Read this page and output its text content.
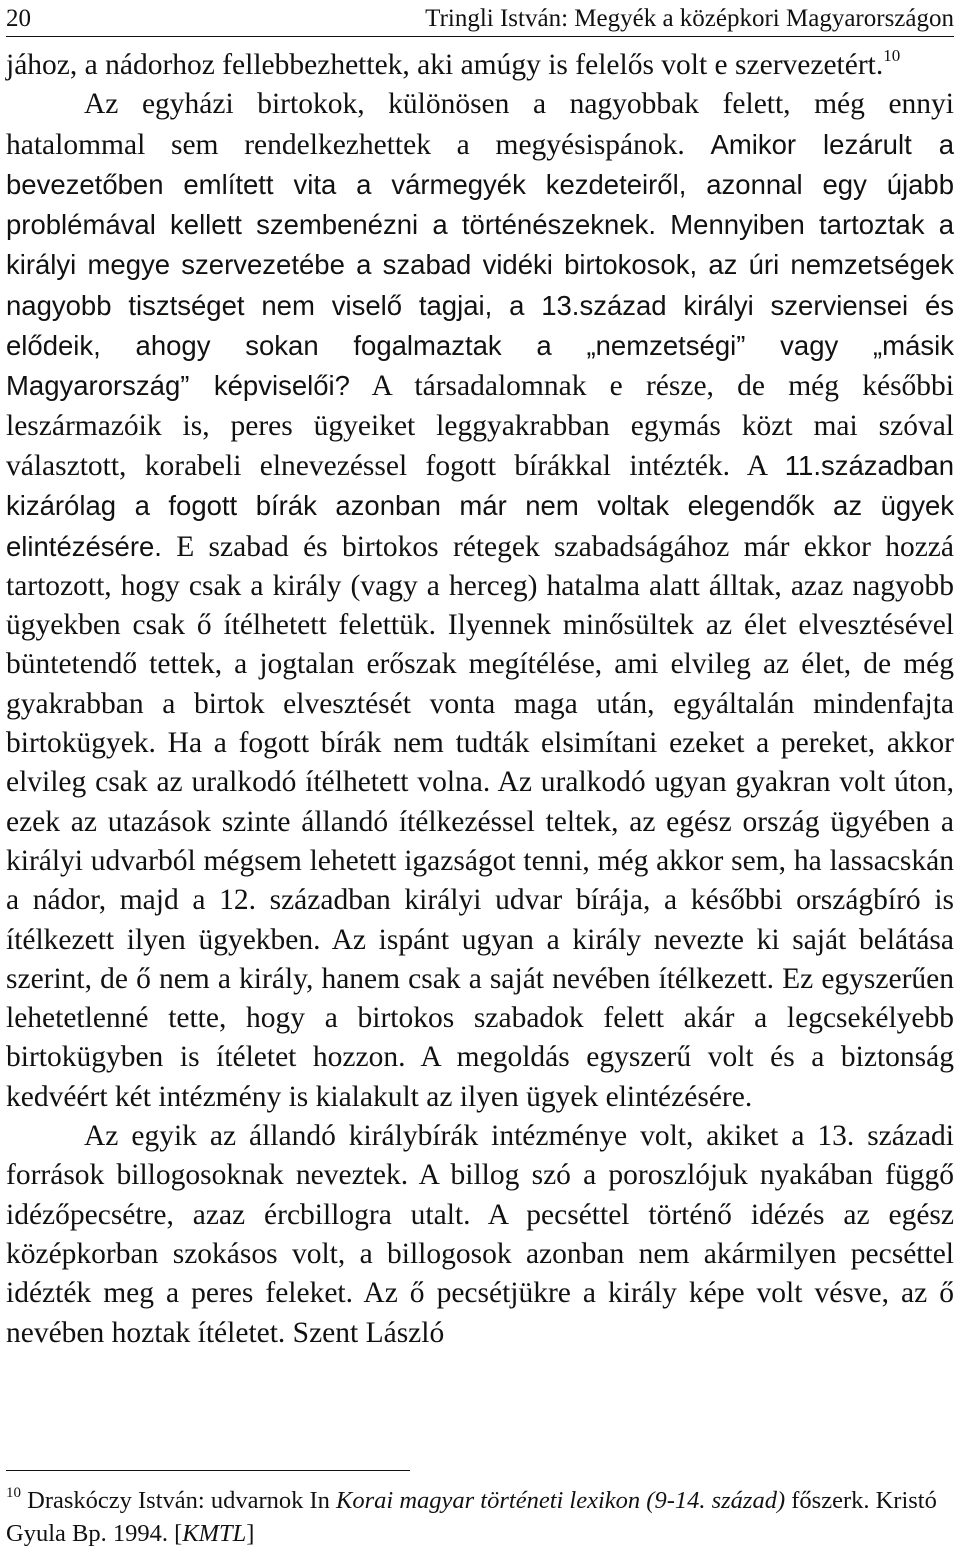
20	Tringli István: Megyék a középkori Magyarországon

jához, a nádorhoz fellebbezhettek, aki amúgy is felelős volt e szervezetért.$^{10}$

Az egyházi birtokok, különösen a nagyobbak felett, még ennyi hatalommal sem rendelkezhettek a megyésispánok. Amikor lezárult a bevezetőben említett vita a vármegyék kezdeteiről, azonnal egy újabb problémával kellett szembenézni a történészeknek. Mennyiben tartoztak a királyi megye szervezetébe a szabad vidéki birtokosok, az úri nemzetségek nagyobb tisztséget nem viselő tagjai, a 13.század királyi szerviensei és elődeik, ahogy sokan fogalmaztak a „nemzetségi” vagy „másik Magyarország” képviselői? A társadalomnak e része, de még későbbi leszármazóik is, peres ügyeiket leggyakrabban egymás közt mai szóval választott, korabeli elnevezéssel fogott bírákkal intézték. A 11.században kizárólag a fogott bírák azonban már nem voltak elegendők az ügyek elintézésére. E szabad és birtokos rétegek szabadságához már ekkor hozzá tartozott, hogy csak a király (vagy a herceg) hatalma alatt álltak, azaz nagyobb ügyekben csak ő ítélhetett felettük. Ilyennek minősültek az élet elvesztésével büntetendő tettek, a jogtalan erőszak megítélése, ami elvileg az élet, de még gyakrabban a birtok elvesztését vonta maga után, egyáltalán mindenfajta birtokügyek. Ha a fogott bírák nem tudták elsimítani ezeket a pereket, akkor elvileg csak az uralkodó ítélhetett volna. Az uralkodó ugyan gyakran volt úton, ezek az utazások szinte állandó ítélkezéssel teltek, az egész ország ügyében a királyi udvarból mégsem lehetett igazságot tenni, még akkor sem, ha lassacskán a nádor, majd a 12. században királyi udvar bírája, a későbbi országbíró is ítélkezett ilyen ügyekben. Az ispánt ugyan a király nevezte ki saját belátása szerint, de ő nem a király, hanem csak a saját nevében ítélkezett. Ez egyszerűen lehetetlenné tette, hogy a birtokos szabadok felett akár a legcsekélyebb birtokügyben is ítéletet hozzon. A megoldás egyszerű volt és a biztonság kedvéért két intézmény is kialakult az ilyen ügyek elintézésére.

Az egyik az állandó királybírák intézménye volt, akiket a 13. századi források billogosoknak neveztek. A billog szó a poroszlójuk nyakában függő idézőpecsétre, azaz ércbillogra utalt. A pecséttel történő idézés az egész középkorban szokásos volt, a billogosok azonban nem akármilyen pecséttel idézték meg a peres feleket. Az ő pecsétjükre a király képe volt vésve, az ő nevében hoztak ítéletet. Szent László

$^{10}$ Draskóczy István: udvarnok In Korai magyar történeti lexikon (9-14. század) főszerk. Kristó Gyula Bp. 1994. [KMTL]
